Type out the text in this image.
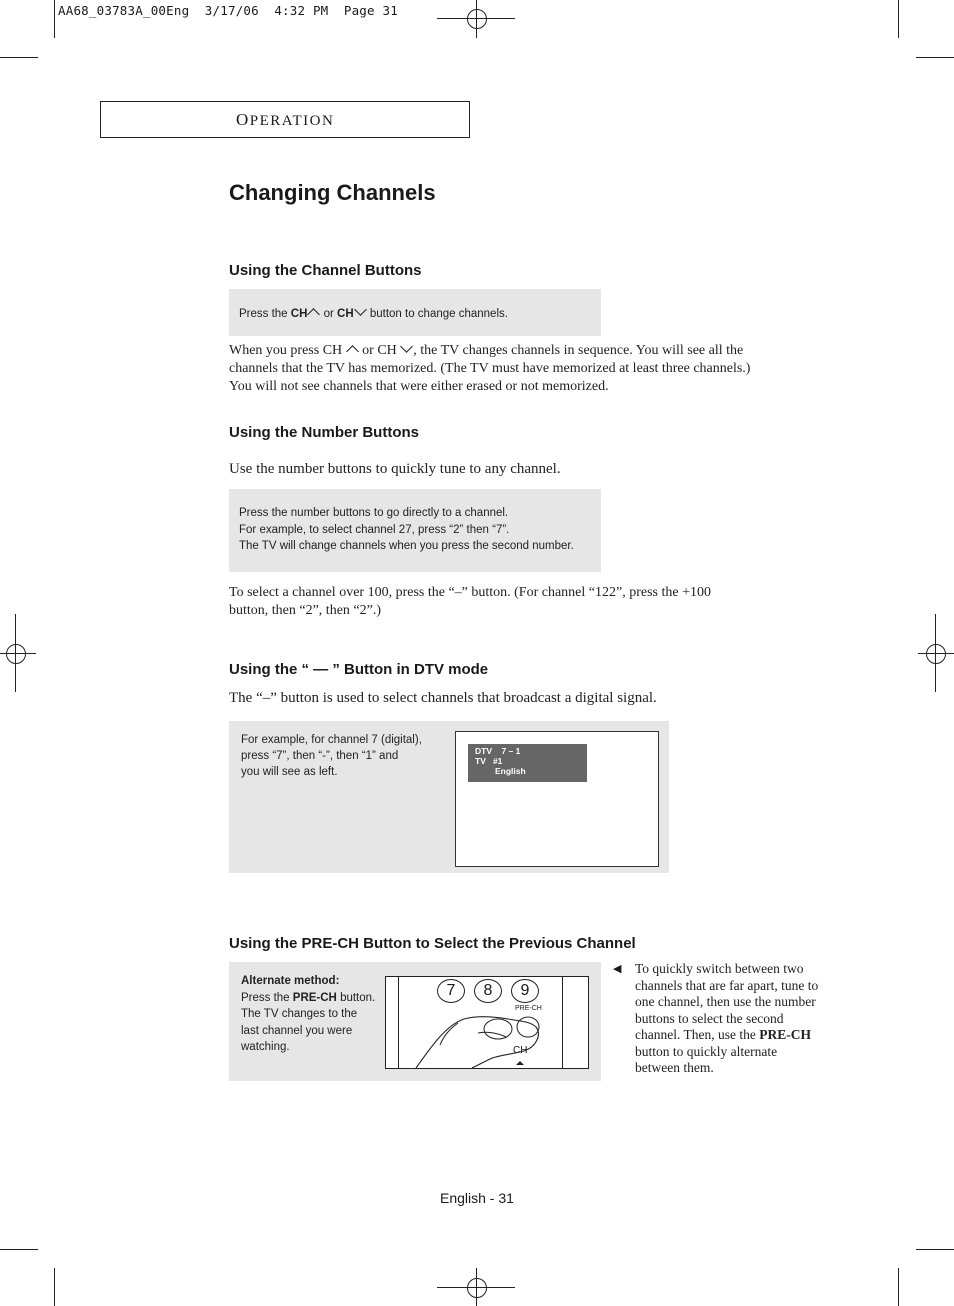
AA68_03783A_00Eng  3/17/06  4:32 PM  Page 31
OPERATION
Changing Channels
Using the Channel Buttons
Press the CH or CH button to change channels.
When you press CH  or CH , the TV changes channels in sequence. You will see all the
channels that the TV has memorized. (The TV must have memorized at least three channels.)
You will not see channels that were either erased or not memorized.
Using the Number Buttons
Use the number buttons to quickly tune to any channel.
Press the number buttons to go directly to a channel.
For example, to select channel 27, press “2” then “7”.
The TV will change channels when you press the second number.
To select a channel over 100, press the “–” button. (For channel “122”, press the +100
button, then “2”, then “2”.)
Using the “ — ” Button in DTV mode
The “–” button is used to select channels that broadcast a digital signal.
For example, for channel 7 (digital),
press “7”, then “-”, then “1” and
you will see as left.
DTV    7 – 1
TV   #1
English
Using the PRE-CH Button to Select the Previous Channel
Alternate method:
Press the PRE-CH button.
The TV changes to the
last channel you were
watching.
7	8	9
PRE-CH
CH
◀ To quickly switch between two
channels that are far apart, tune to
one channel, then use the number
buttons to select the second
channel. Then, use the PRE-CH
button to quickly alternate
between them.
English - 31
